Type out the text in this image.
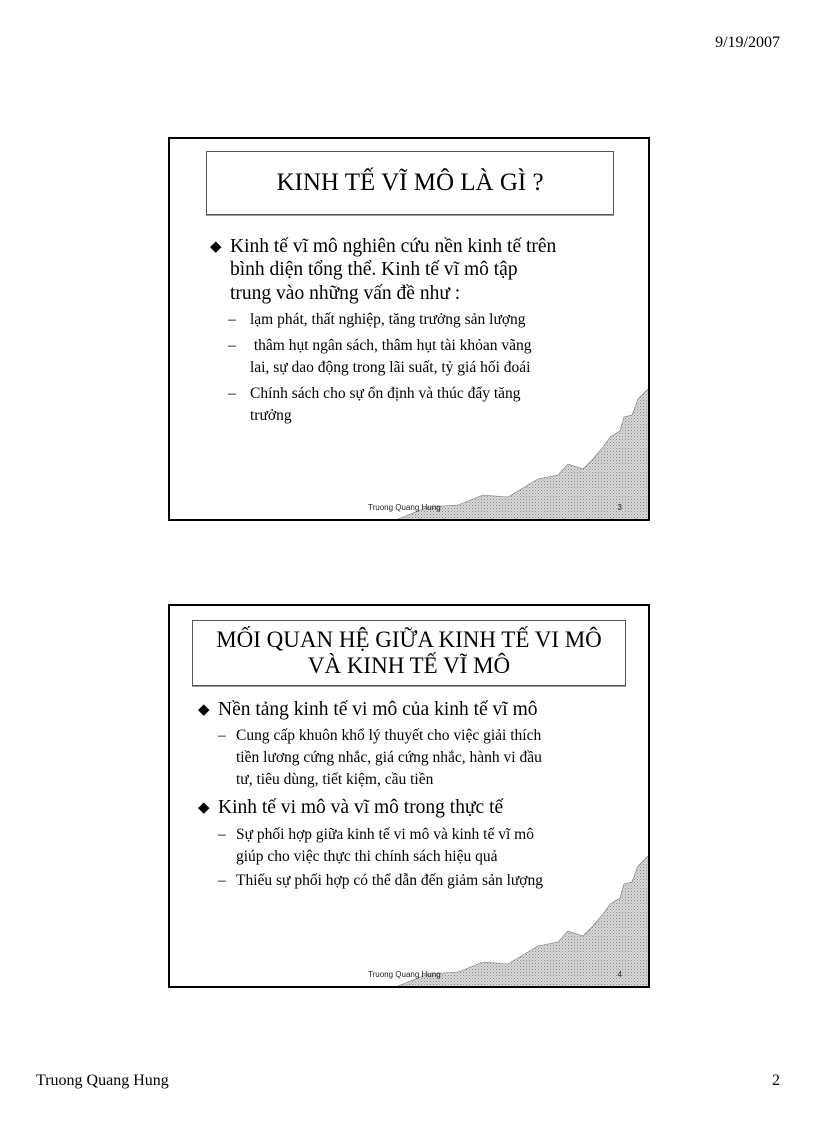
9/19/2007
KINH TẾ VĨ MÔ LÀ GÌ ?
◆ Kinh tế vĩ mô nghiên cứu nền kinh tế trên
bình diện tổng thể. Kinh tế vĩ mô tập
trung vào những vấn đề như :
– lạm phát, thất nghiệp, tăng trưởng sản lượng
– thâm hụt ngân sách, thâm hụt tài khỏan vãng
lai, sự dao động trong lãi suất, tỷ giá hối đoái
– Chính sách cho sự ổn định và thúc đẩy tăng
trưởng
Truong Quang Hung	3
MỐI QUAN HỆ GIỮA KINH TẾ VI MÔ
VÀ KINH TẾ VĨ MÔ
◆ Nền tảng kinh tế vi mô của kinh tế vĩ mô
– Cung cấp khuôn khổ lý thuyết cho việc giải thích
tiền lương cứng nhắc, giá cứng nhắc, hành vi đầu
tư, tiêu dùng, tiết kiệm, cầu tiền
◆ Kinh tế vi mô và vĩ mô trong thực tế
– Sự phối hợp giữa kinh tế vi mô và kinh tế vĩ mô
giúp cho việc thực thi chính sách hiệu quả
– Thiếu sự phối hợp có thể dẫn đến giảm sản lượng
Truong Quang Hung	4
Truong Quang Hung	2
